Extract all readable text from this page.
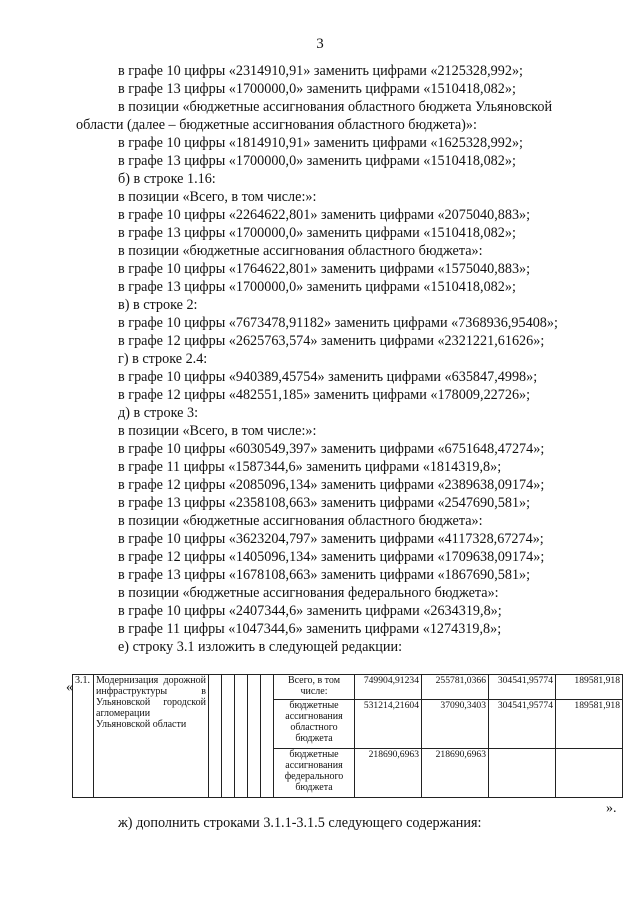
3
в графе 10 цифры «2314910,91» заменить цифрами «2125328,992»;
в графе 13 цифры «1700000,0» заменить цифрами «1510418,082»;
в позиции «бюджетные ассигнования областного бюджета Ульяновской
области (далее – бюджетные ассигнования областного бюджета)»:
в графе 10 цифры «1814910,91» заменить цифрами «1625328,992»;
в графе 13 цифры «1700000,0» заменить цифрами «1510418,082»;
б) в строке 1.16:
в позиции «Всего, в том числе:»:
в графе 10 цифры «2264622,801» заменить цифрами «2075040,883»;
в графе 13 цифры «1700000,0» заменить цифрами «1510418,082»;
в позиции «бюджетные ассигнования областного бюджета»:
в графе 10 цифры «1764622,801» заменить цифрами «1575040,883»;
в графе 13 цифры «1700000,0» заменить цифрами «1510418,082»;
в) в строке 2:
в графе 10 цифры «7673478,91182» заменить цифрами «7368936,95408»;
в графе 12 цифры «2625763,574» заменить цифрами «2321221,61626»;
г) в строке 2.4:
в графе 10 цифры «940389,45754» заменить цифрами «635847,4998»;
в графе 12 цифры «482551,185» заменить цифрами «178009,22726»;
д) в строке 3:
в позиции «Всего, в том числе:»:
в графе 10 цифры «6030549,397» заменить цифрами «6751648,47274»;
в графе 11 цифры «1587344,6» заменить цифрами «1814319,8»;
в графе 12 цифры «2085096,134» заменить цифрами «2389638,09174»;
в графе 13 цифры «2358108,663» заменить цифрами «2547690,581»;
в позиции «бюджетные ассигнования областного бюджета»:
в графе 10 цифры «3623204,797» заменить цифрами «4117328,67274»;
в графе 12 цифры «1405096,134» заменить цифрами «1709638,09174»;
в графе 13 цифры «1678108,663» заменить цифрами «1867690,581»;
в позиции «бюджетные ассигнования федерального бюджета»:
в графе 10 цифры «2407344,6» заменить цифрами «2634319,8»;
в графе 11 цифры «1047344,6» заменить цифрами «1274319,8»;
е) строку 3.1 изложить в следующей редакции:
« 3.1.	Модернизация дорожной инфраструктуры в Ульяновской городской агломерации Ульяновской области						Всего, в том числе:	749904,91234	255781,0366	304541,95774	189581,918
							бюджетные ассигнования областного бюджета	531214,21604	37090,3403	304541,95774	189581,918
							бюджетные ассигнования федерального бюджета	218690,6963	218690,6963		
».
ж) дополнить строками 3.1.1-3.1.5 следующего содержания:
